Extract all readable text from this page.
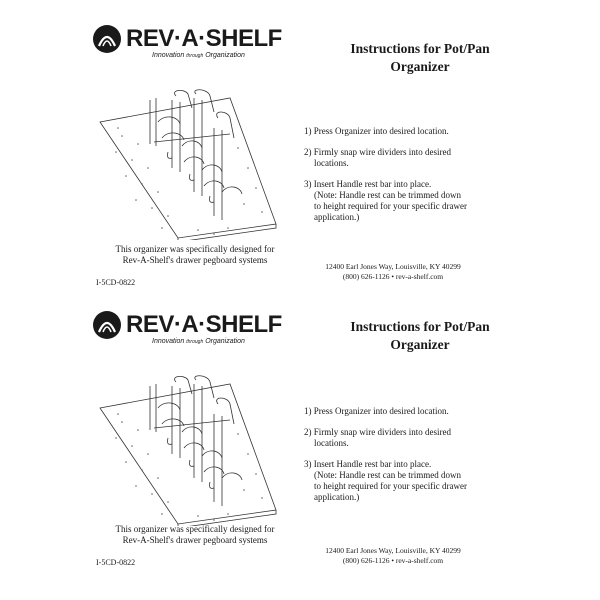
REV·A·SHELF
Innovation through Organization	Instructions for Pot/Pan
Organizer
1) Press Organizer into desired location.
2) Firmly snap wire dividers into desired
locations.
3) Insert Handle rest bar into place.
(Note: Handle rest can be trimmed down
to height required for your specific drawer
application.)
This organizer was specifically designed for
Rev-A-Shelf's drawer pegboard systems
12400 Earl Jones Way, Louisville, KY 40299
(800) 626-1126 • rev-a-shelf.com
I-5CD-0822
REV·A·SHELF
Innovation through Organization
Instructions for Pot/Pan
Organizer
1) Press Organizer into desired location.
2) Firmly snap wire dividers into desired
locations.
3) Insert Handle rest bar into place.
(Note: Handle rest can be trimmed down
to height required for your specific drawer
application.)
This organizer was specifically designed for
Rev-A-Shelf's drawer pegboard systems
12400 Earl Jones Way, Louisville, KY 40299
(800) 626-1126 • rev-a-shelf.com
I-5CD-0822
